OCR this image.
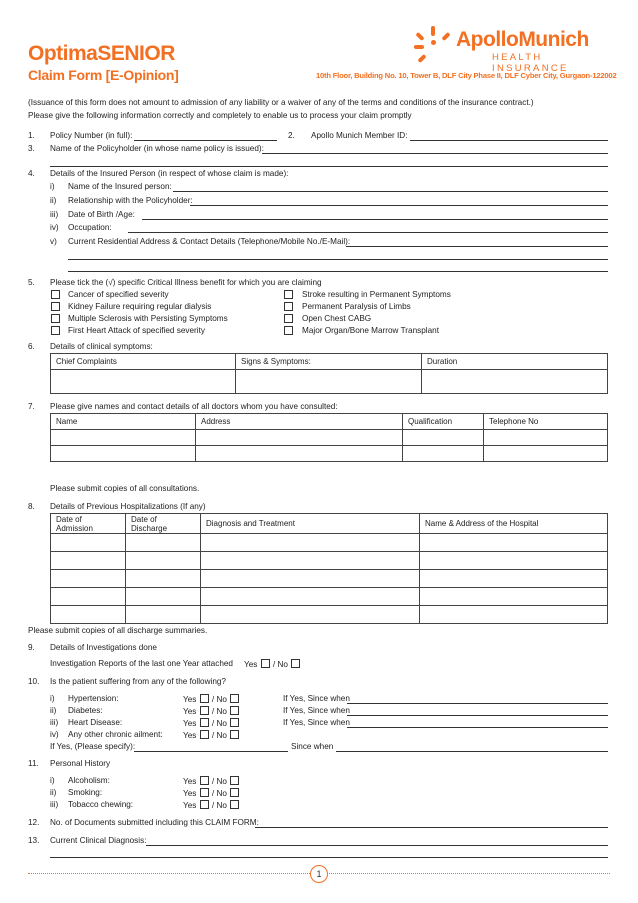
OptimaSENIOR
Claim Form [E-Opinion]
ApolloMunich
HEALTH INSURANCE
10th Floor, Building No. 10, Tower B, DLF City Phase II, DLF Cyber City, Gurgaon-122002
(Issuance of this form does not amount to admission of any liability or a waiver of any of the terms and conditions of the insurance contract.)
Please give the following information correctly and completely to enable us to process your claim promptly
1. Policy Number (in full):	2. Apollo Munich Member ID:
3. Name of the Policyholder (in whose name policy is issued):
4. Details of the Insured Person (in respect of whose claim is made):
i) Name of the Insured person:
ii) Relationship with the Policyholder:
iii) Date of Birth /Age:
iv) Occupation:
v) Current Residential Address & Contact Details (Telephone/Mobile No./E-Mail):
5. Please tick the (√) specific Critical Illness benefit for which you are claiming
Cancer of specified severity
Kidney Failure requiring regular dialysis
Multiple Sclerosis with Persisting Symptoms
First Heart Attack of specified severity
Stroke resulting in Permanent Symptoms
Permanent Paralysis of Limbs
Open Chest CABG
Major Organ/Bone Marrow Transplant
6. Details of clinical symptoms:
Chief Complaints	Signs & Symptoms:	Duration

7. Please give names and contact details of all doctors whom you have consulted:
Name	Address	Qualification	Telephone No

Please submit copies of all consultations.
8. Details of Previous Hospitalizations (If any)
Date of Admission	Date of Discharge	Diagnosis and Treatment	Name & Address of the Hospital

Please submit copies of all discharge summaries.
9. Details of Investigations done
Investigation Reports of the last one Year attached Yes / No
10. Is the patient suffering from any of the following?
i) Hypertension:	Yes  / No	If Yes, Since when
ii) Diabetes:	Yes  / No	If Yes, Since when
iii) Heart Disease:	Yes  / No	If Yes, Since when
iv) Any other chronic ailment: Yes  / No
If Yes, (Please specify):	Since when
11. Personal History
i) Alcoholism:	Yes  / No
ii) Smoking:	Yes  / No
iii) Tobacco chewing:	Yes  / No
12. No. of Documents submitted including this CLAIM FORM:
13. Current Clinical Diagnosis:
1
